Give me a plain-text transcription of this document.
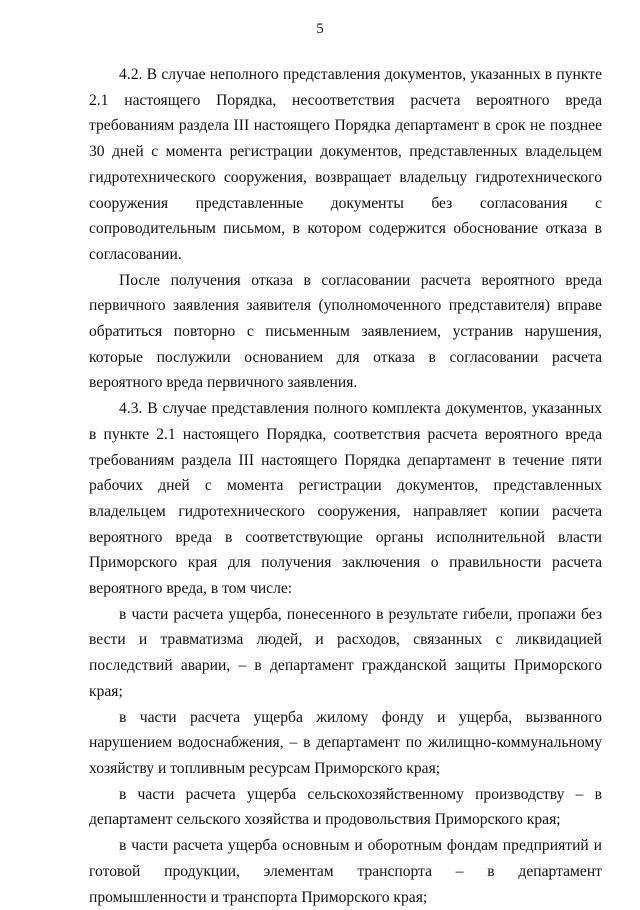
5

4.2. В случае неполного представления документов, указанных в пункте 2.1 настоящего Порядка, несоответствия расчета вероятного вреда требованиям раздела III настоящего Порядка департамент в срок не позднее 30 дней с момента регистрации документов, представленных владельцем гидротехнического сооружения, возвращает владельцу гидротехнического сооружения представленные документы без согласования с сопроводительным письмом, в котором содержится обоснование отказа в согласовании.

После получения отказа в согласовании расчета вероятного вреда первичного заявления заявителя (уполномоченного представителя) вправе обратиться повторно с письменным заявлением, устранив нарушения, которые послужили основанием для отказа в согласовании расчета вероятного вреда первичного заявления.

4.3. В случае представления полного комплекта документов, указанных в пункте 2.1 настоящего Порядка, соответствия расчета вероятного вреда требованиям раздела III настоящего Порядка департамент в течение пяти рабочих дней с момента регистрации документов, представленных владельцем гидротехнического сооружения, направляет копии расчета вероятного вреда в соответствующие органы исполнительной власти Приморского края для получения заключения о правильности расчета вероятного вреда, в том числе:

в части расчета ущерба, понесенного в результате гибели, пропажи без вести и травматизма людей, и расходов, связанных с ликвидацией последствий аварии, – в департамент гражданской защиты Приморского края;

в части расчета ущерба жилому фонду и ущерба, вызванного нарушением водоснабжения, – в департамент по жилищно-коммунальному хозяйству и топливным ресурсам Приморского края;

в части расчета ущерба сельскохозяйственному производству – в департамент сельского хозяйства и продовольствия Приморского края;

в части расчета ущерба основным и оборотным фондам предприятий и готовой продукции, элементам транспорта – в департамент промышленности и транспорта Приморского края;
